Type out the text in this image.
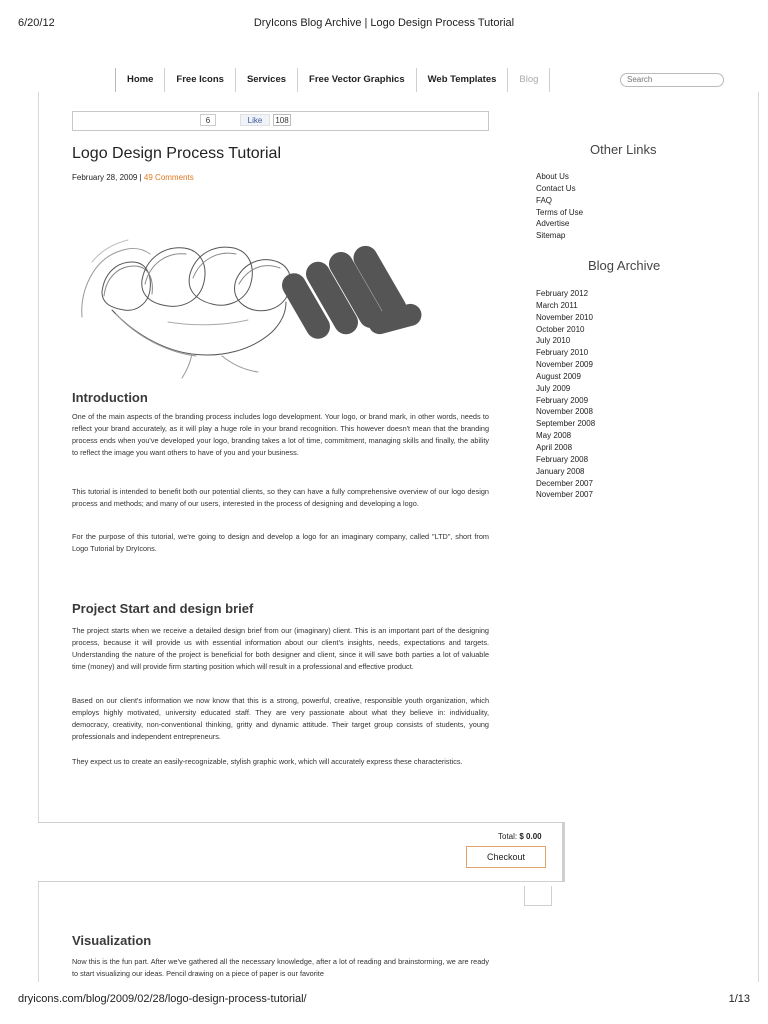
6/20/12	DryIcons Blog Archive | Logo Design Process Tutorial
dryicons.com/blog/2009/02/28/logo-design-process-tutorial/	1/13
Home	Free Icons	Services	Free Vector Graphics	Web Templates	Blog
Search
6	Like	108
Logo Design Process Tutorial
February 28, 2009 | 49 Comments
Introduction

One of the main aspects of the branding process includes logo development. Your logo, or brand mark, in other words, needs to reflect your brand accurately, as it will play a huge role in your brand recognition. This however doesn't mean that the branding process ends when you've developed your logo, branding takes a lot of time, commitment, managing skills and finally, the ability to reflect the image you want others to have of you and your business.

This tutorial is intended to benefit both our potential clients, so they can have a fully comprehensive overview of our logo design process and methods; and many of our users, interested in the process of designing and developing a logo.

For the purpose of this tutorial, we're going to design and develop a logo for an imaginary company, called "LTD", short from Logo Tutorial by DryIcons.

Project Start and design brief

The project starts when we receive a detailed design brief from our (imaginary) client. This is an important part of the designing process, because it will provide us with essential information about our client's insights, needs, expectations and targets. Understanding the nature of the project is beneficial for both designer and client, since it will save both parties a lot of valuable time (money) and will provide firm starting position which will result in a professional and effective product.

Based on our client's information we now know that this is a strong, powerful, creative, responsible youth organization, which employs highly motivated, university educated staff. They are very passionate about what they believe in: individuality, democracy, creativity, non-conventional thinking, gritty and dynamic attitude. Their target group consists of students, young professionals and independent entrepreneurs.

They expect us to create an easily-recognizable, stylish graphic work, which will accurately express these characteristics.

Visualization

Now this is the fun part. After we've gathered all the necessary knowledge, after a lot of reading and brainstorming, we are ready to start visualizing our ideas. Pencil drawing on a piece of paper is our favorite

Other Links
About Us
Contact Us
FAQ
Terms of Use
Advertise
Sitemap
Blog Archive
February 2012
March 2011
November 2010
October 2010
July 2010
February 2010
November 2009
August 2009
July 2009
February 2009
November 2008
September 2008
May 2008
April 2008
February 2008
January 2008
December 2007
November 2007
Total: $ 0.00
Checkout
